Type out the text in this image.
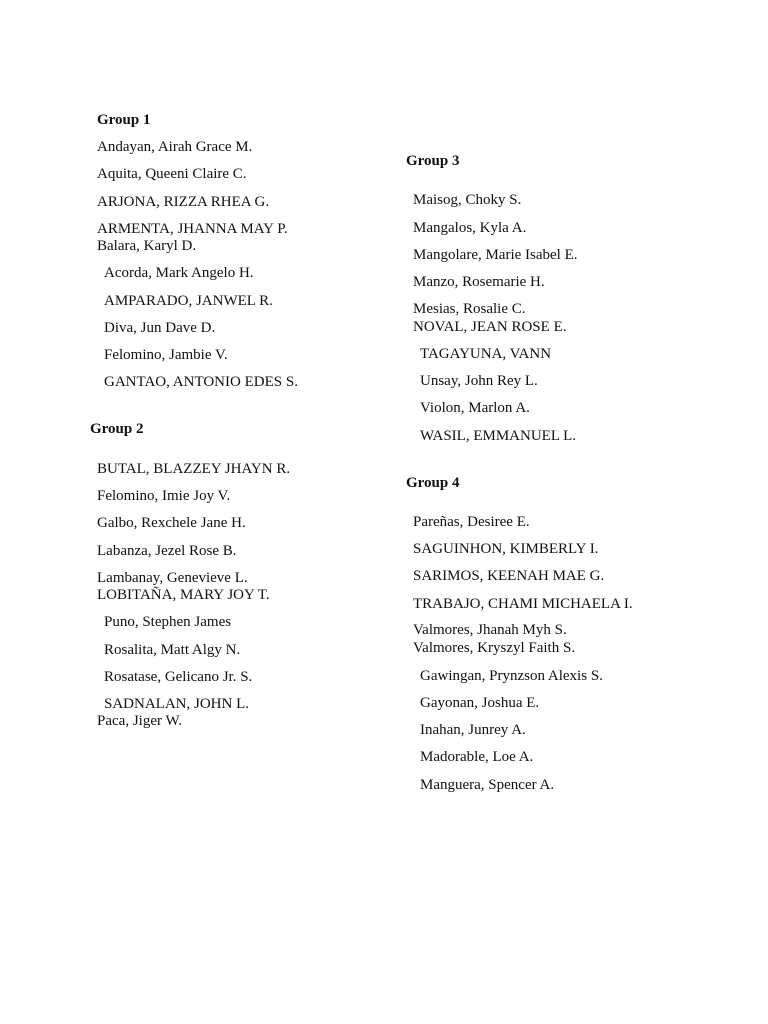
Group 1
Andayan, Airah Grace M.
Aquita, Queeni Claire C.
ARJONA, RIZZA RHEA G.
ARMENTA, JHANNA MAY P.
Balara, Karyl D.
Acorda, Mark Angelo H.
AMPARADO, JANWEL R.
Diva, Jun Dave D.
Felomino, Jambie V.
GANTAO, ANTONIO EDES S.
Group 2
BUTAL, BLAZZEY JHAYN R.
Felomino, Imie Joy V.
Galbo, Rexchele Jane H.
Labanza, Jezel Rose B.
Lambanay, Genevieve L.
LOBITAÑA, MARY JOY T.
Puno, Stephen James
Rosalita, Matt Algy N.
Rosatase, Gelicano Jr. S.
SADNALAN, JOHN L.
Paca, Jiger W.
Group 3
Maisog, Choky S.
Mangalos, Kyla A.
Mangolare, Marie Isabel E.
Manzo, Rosemarie H.
Mesias, Rosalie C.
NOVAL, JEAN ROSE E.
TAGAYUNA, VANN
Unsay, John Rey L.
Violon, Marlon A.
WASIL, EMMANUEL L.
Group 4
Pareñas, Desiree E.
SAGUINHON, KIMBERLY I.
SARIMOS, KEENAH MAE G.
TRABAJO, CHAMI MICHAELA I.
Valmores, Jhanah Myh S.
Valmores, Kryszyl Faith S.
Gawingan, Prynzson Alexis S.
Gayonan, Joshua E.
Inahan, Junrey A.
Madorable, Loe A.
Manguera, Spencer A.
